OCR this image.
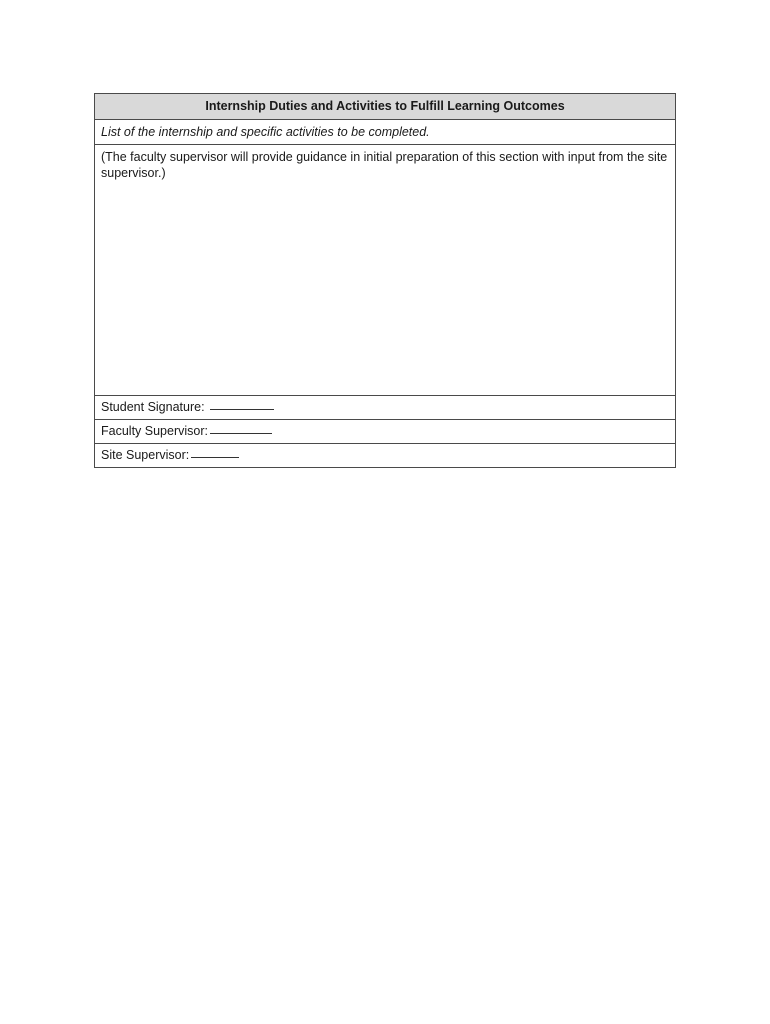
Internship Duties and Activities to Fulfill Learning Outcomes
List of the internship and specific activities to be completed.
(The faculty supervisor will provide guidance in initial preparation of this section with input from the site supervisor.)
Student Signature:
Faculty Supervisor:
Site Supervisor:
